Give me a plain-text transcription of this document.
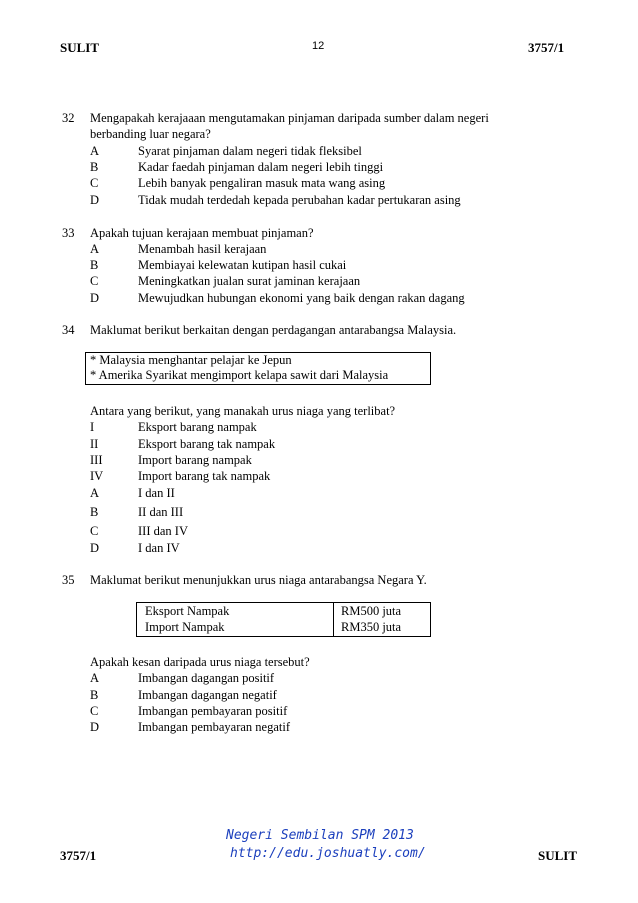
SULIT	12	3757/1
32 Mengapakah kerajaaan mengutamakan pinjaman daripada sumber dalam negeri
berbanding luar negara?
A	Syarat pinjaman dalam negeri tidak fleksibel
B	Kadar faedah pinjaman dalam negeri lebih tinggi
C	Lebih banyak pengaliran masuk mata wang asing
D	Tidak mudah terdedah kepada perubahan kadar pertukaran asing
33 Apakah tujuan kerajaan membuat pinjaman?
A	Menambah hasil kerajaan
B	Membiayai kelewatan kutipan hasil cukai
C	Meningkatkan jualan surat jaminan kerajaan
D	Mewujudkan hubungan ekonomi yang baik dengan rakan dagang
34 Maklumat berikut berkaitan dengan perdagangan antarabangsa Malaysia.
* Malaysia menghantar pelajar ke Jepun
* Amerika Syarikat mengimport kelapa sawit dari Malaysia
Antara yang berikut, yang manakah urus niaga yang terlibat?
I	Eksport barang nampak
II	Eksport barang tak nampak
III	Import barang nampak
IV	Import barang tak nampak
A	I dan II
B	II dan III
C	III dan IV
D	I dan IV
35 Maklumat berikut menunjukkan urus niaga antarabangsa Negara Y.
Eksport Nampak	RM500 juta
Import Nampak	RM350 juta
Apakah kesan daripada urus niaga tersebut?
A	Imbangan dagangan positif
B	Imbangan dagangan negatif
C	Imbangan pembayaran positif
D	Imbangan pembayaran negatif
Negeri Sembilan SPM 2013
http://edu.joshuatly.com/
3757/1	SULIT
